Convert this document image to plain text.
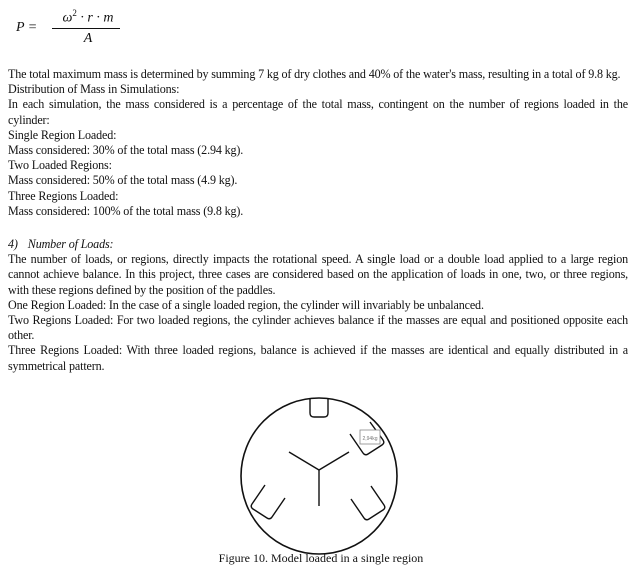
P =
$\omega^2 \cdot r \cdot m$
A

The total maximum mass is determined by summing 7 kg of dry clothes and 40% of the water's mass, resulting in a total of 9.8 kg.

Distribution of Mass in Simulations:

In each simulation, the mass considered is a percentage of the total mass, contingent on the number of regions loaded in the cylinder:

Single Region Loaded:

Mass considered: 30% of the total mass (2.94 kg).

Two Loaded Regions:

Mass considered: 50% of the total mass (4.9 kg).

Three Regions Loaded:

Mass considered: 100% of the total mass (9.8 kg).

4) Number of Loads:

The number of loads, or regions, directly impacts the rotational speed. A single load or a double load applied to a large region cannot achieve balance. In this project, three cases are considered based on the application of loads in one, two, or three regions, with these regions defined by the position of the paddles.

One Region Loaded: In the case of a single loaded region, the cylinder will invariably be unbalanced.

Two Regions Loaded: For two loaded regions, the cylinder achieves balance if the masses are equal and positioned opposite each other.

Three Regions Loaded: With three loaded regions, balance is achieved if the masses are identical and equally distributed in a symmetrical pattern.

2,94kg
Figure 10. Model loaded in a single region
